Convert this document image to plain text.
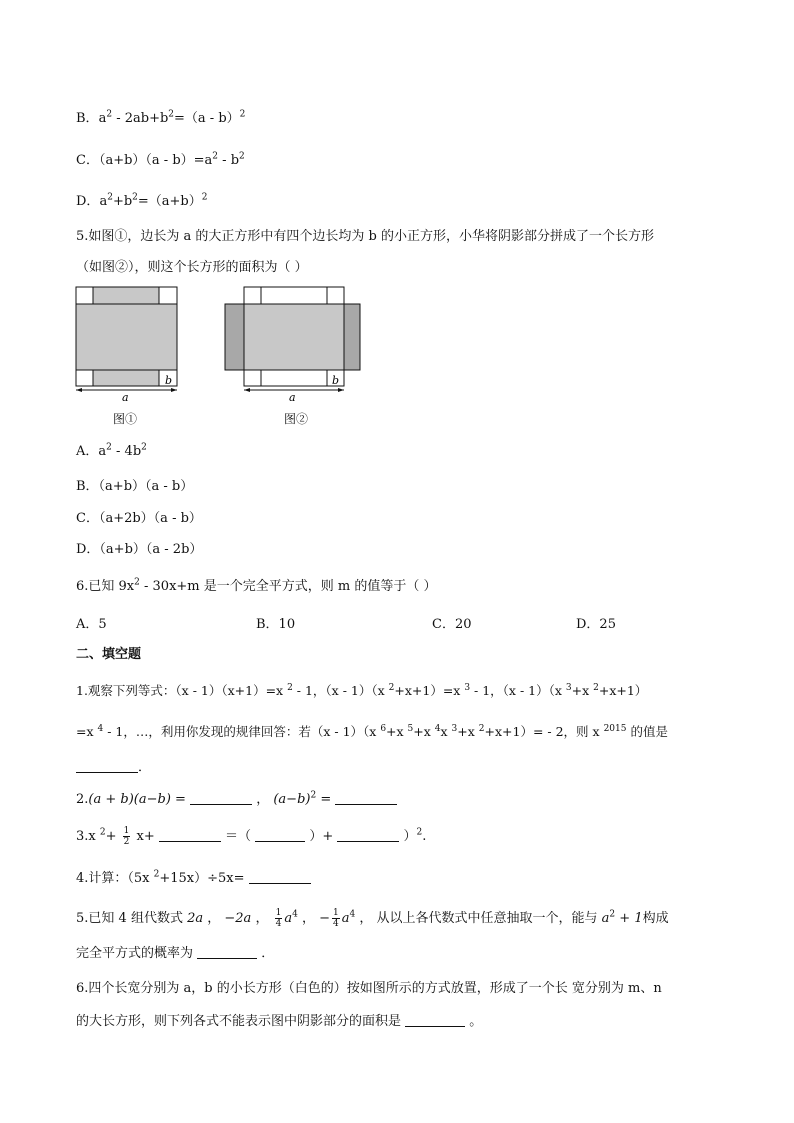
B．$a^2 - 2ab+b^2=(a - b)^2$
C．$(a+b)(a - b)=a^2 - b^2$
D．$a^2+b^2=(a+b)^2$
5.如图①，边长为 a 的大正方形中有四个边长均为 b 的小正方形，小华将阴影部分拼成了一个长方形
（如图②），则这个长方形的面积为（ ）
a
b
图①
a
b
图②
A．$a^2 - 4b^2$
B．（a+b）（a - b）
C．（a+2b）（a - b）
D．（a+b）（a - 2b）
6.已知 $9x^2 - 30x+m$ 是一个完全平方式，则 m 的值等于（ ）
A．5	B．10	C．20	D．25
二、填空题
1.观察下列等式：（x - 1）（x+1）=x $^2$ - 1，（x - 1）（x $^2$+x+1）=x $^3$ - 1，（x - 1）（x $^3$+x $^2$+x+1）
=x $^4$ - 1，…，利用你发现的规律回答：若（x - 1）（x $^6$+x $^5$+x $^4$x $^3$+x $^2$+x+1）= - 2，则 x $^{2015}$ 的值是
．
2.(a + b)(a−b) =	， $(a-b)^2$ =
3.x $^2+ \frac{1}{2} x+$	＝（	）+	）$^2$.
4.计算：（5x $^2$+15x）÷5x=
5.已知 4 组代数式 2a ， −2a ， $\frac{1}{4} a^4$ ， − $\frac{1}{4} a^4$ ， 从以上各代数式中任意抽取一个，能与 $a^2 + 1$构成
完全平方式的概率为	．
6.四个长宽分别为 a，b 的小长方形（白色的）按如图所示的方式放置，形成了一个长 宽分别为 m、n
的大长方形，则下列各式不能表示图中阴影部分的面积是	。
